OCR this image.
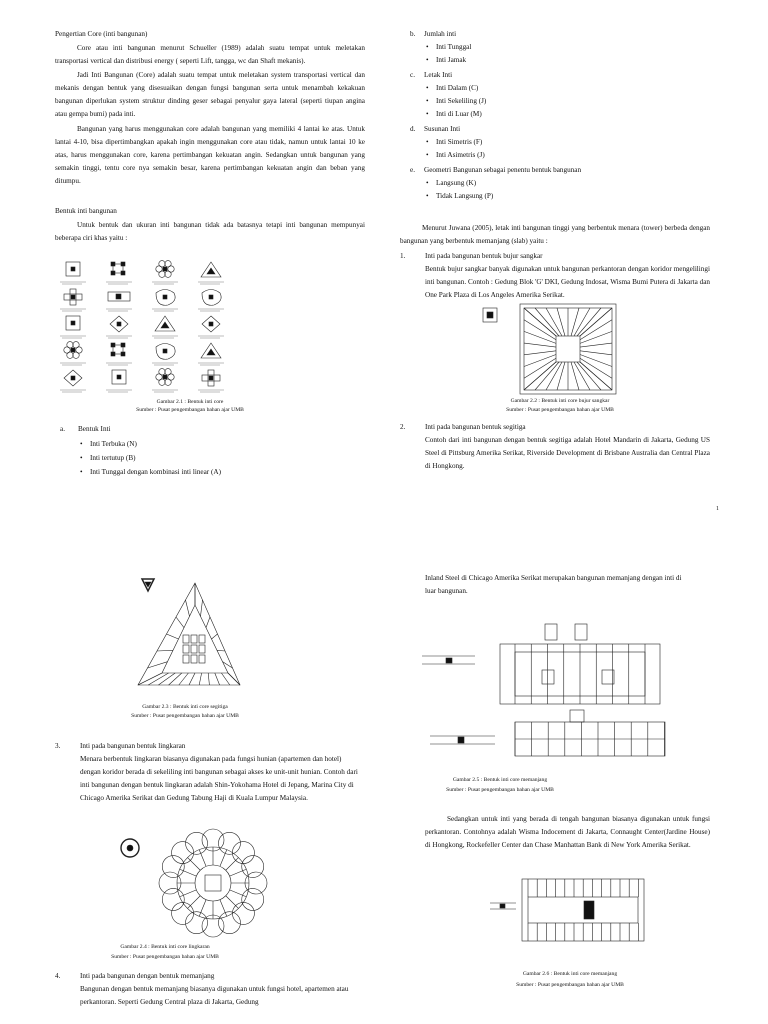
Pengertian Core (inti bangunan)
Core atau inti bangunan menurut Schueller (1989) adalah suatu tempat untuk meletakan transportasi vertical dan distribusi energy ( seperti Lift, tangga, wc dan Shaft mekanis).
Jadi Inti Bangunan (Core) adalah suatu tempat untuk meletakan system transportasi vertical dan mekanis dengan bentuk yang disesuaikan dengan fungsi bangunan serta untuk menambah kekakuan bangunan diperlukan system struktur dinding geser sebagai penyalur gaya lateral (seperti tiupan angina atau gempa bumi) pada inti.
Bangunan yang harus menggunakan core adalah bangunan yang memiliki 4 lantai ke atas. Untuk lantai 4-10, bisa dipertimbangkan apakah ingin menggunakan core atau tidak, namun untuk lantai 10 ke atas, harus menggunakan core, karena pertimbangan kekuatan angin. Sedangkan untuk bangunan yang semakin tinggi, tentu core nya semakin besar, karena pertimbangan kekuatan angin dan beban yang ditumpu.
Bentuk inti bangunan
Untuk bentuk dan ukuran inti bangunan tidak ada batasnya tetapi inti bangunan mempunyai beberapa ciri khas yaitu :
Gambar 2.1 : Bentuk inti core
Sumber : Pusat pengembangan bahan ajar UMB
a. Bentuk Inti
• Inti Terbuka (N)
• Inti tertutup (B)
• Inti Tunggal dengan kombinasi inti linear (A)
b. Jumlah inti
• Inti Tunggal
• Inti Jamak
c. Letak Inti
• Inti Dalam (C)
• Inti Sekeliling (J)
• Inti di Luar (M)
d. Susunan Inti
• Inti Simetris (F)
• Inti Asimetris (J)
e. Geometri Bangunan sebagai penentu bentuk bangunan
• Langsung (K)
• Tidak Langsung (P)
Menurut Juwana (2005), letak inti bangunan tinggi yang berbentuk menara (tower) berbeda dengan bangunan yang berbentuk memanjang (slab) yaitu :
1.	Inti pada bangunan bentuk bujur sangkar
Bentuk bujur sangkar banyak digunakan untuk bangunan perkantoran dengan koridor mengelilingi inti bangunan. Contoh : Gedung Blok 'G' DKI, Gedung Indosat, Wisma Bumi Putera di Jakarta dan One Park Plaza di Los Angeles Amerika Serikat.
Gambar 2.2 : Bentuk inti core bujur sangkar
Sumber : Pusat pengembangan bahan ajar UMB
2.	Inti pada bangunan bentuk segitiga
Contoh dari inti bangunan dengan bentuk segitiga adalah Hotel Mandarin di Jakarta, Gedung US Steel di Pittsburg Amerika Serikat, Riverside Development di Brisbane Australia dan Central Plaza di Hongkong.
1
Gambar 2.3 : Bentuk inti core segitiga
Sumber : Pusat pengembangan bahan ajar UMB
3.	Inti pada bangunan bentuk lingkaran
Menara berbentuk lingkaran biasanya digunakan pada fungsi hunian (apartemen dan hotel) dengan koridor berada di sekeliling inti bangunan sebagai akses ke unit-unit hunian. Contoh dari inti bangunan dengan bentuk lingkaran adalah Shin-Yokohama Hotel di Jepang, Marina City di Chicago Amerika Serikat dan Gedung Tabung Haji di Kuala Lumpur Malaysia.
Gambar 2.4 : Bentuk inti core lingkaran
Sumber : Pusat pengembangan bahan ajar UMB
4.	Inti pada bangunan dengan bentuk memanjang
Bangunan dengan bentuk memanjang biasanya digunakan untuk fungsi hotel, apartemen atau perkantoran. Seperti Gedung Central plaza di Jakarta, Gedung
Inland Steel di Chicago Amerika Serikat merupakan bangunan memanjang dengan inti di luar bangunan.
Gambar 2.5 : Bentuk inti core memanjang
Sumber : Pusat pengembangan bahan ajar UMB
Sedangkan untuk inti yang berada di tengah bangunan biasanya digunakan untuk fungsi perkantoran. Contohnya adalah Wisma Indocement di Jakarta, Connaught Center(Jardine House) di Hongkong, Rockefeller Center dan Chase Manhattan Bank di New York Amerika Serikat.
Gambar 2.6 : Bentuk inti core memanjang
Sumber : Pusat pengembangan bahan ajar UMB
